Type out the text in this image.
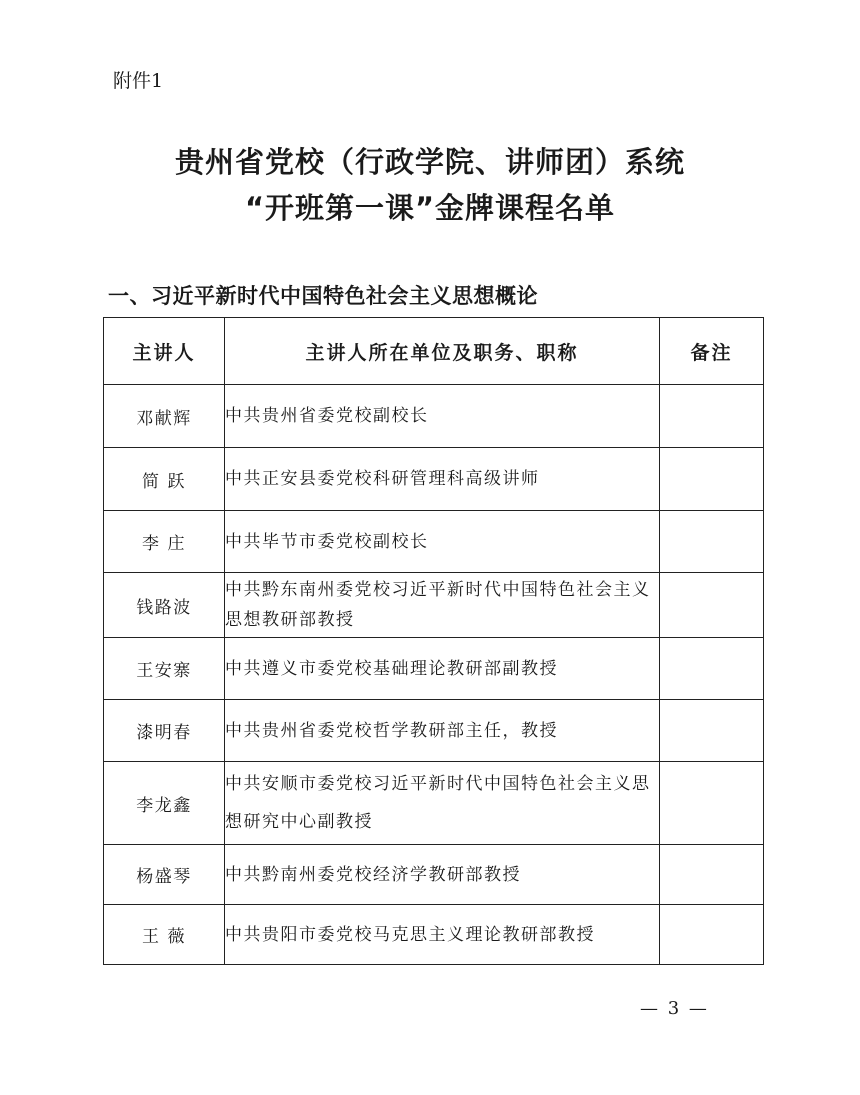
附件1
贵州省党校（行政学院、讲师团）系统
“开班第一课”金牌课程名单
一、习近平新时代中国特色社会主义思想概论
主讲人	主讲人所在单位及职务、职称	备注
邓献辉	中共贵州省委党校副校长	
简 跃	中共正安县委党校科研管理科高级讲师	
李 庄	中共毕节市委党校副校长	
钱路波	中共黔东南州委党校习近平新时代中国特色社会主义思想教研部教授	
王安寨	中共遵义市委党校基础理论教研部副教授	
漆明春	中共贵州省委党校哲学教研部主任，教授	
李龙鑫	中共安顺市委党校习近平新时代中国特色社会主义思想研究中心副教授	
杨盛琴	中共黔南州委党校经济学教研部教授	
王 薇	中共贵阳市委党校马克思主义理论教研部教授	
— 3 —
